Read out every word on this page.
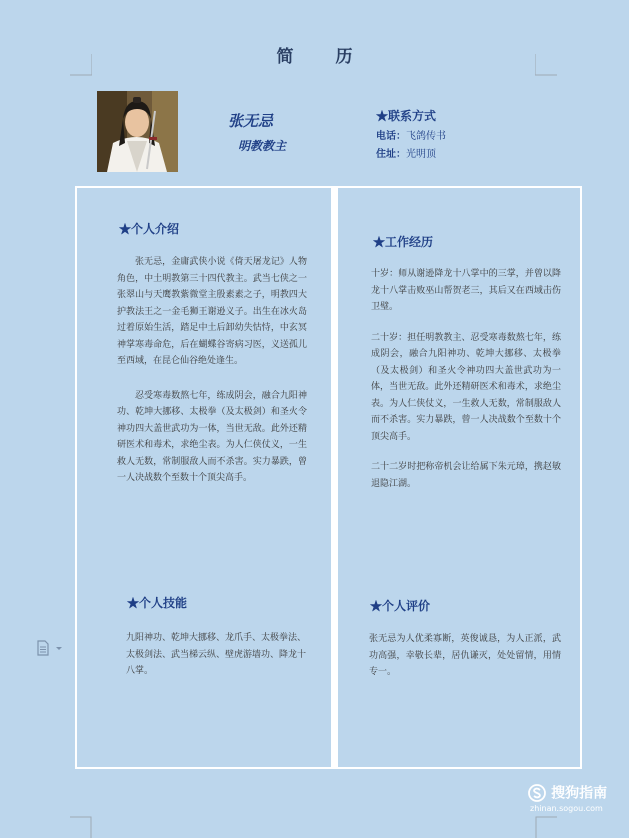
简 历
张无忌
明教教主
★联系方式
电话：飞鸽传书
住址：光明顶
★个人介绍

张无忌，金庸武侠小说《倚天屠龙记》人物角色，中土明教第三十四代教主。武当七侠之一张翠山与天鹰教紫微堂主殷素素之子，明教四大护教法王之一金毛狮王谢逊义子。出生在冰火岛过着原始生活，踏足中土后卸幼失怙恃，中玄冥神掌寒毒命危，后在蝴蝶谷寄病习医，义送孤儿至西域，在昆仑仙谷绝处逢生。

忍受寒毒数熬七年，练成阴会，融合九阳神功、乾坤大挪移、太极拳（及太极剑）和圣火令神功四大盖世武功为一体，当世无敌。此外还精研医术和毒术，求绝尘表。为人仁侠仗义，一生救人无数，常制服敌人而不杀害。实力暴跌，曾一人决战数个至数十个顶尖高手。

★个人技能
九阳神功、乾坤大挪移、龙爪手、太极拳法、太极剑法、武当梯云纵、壁虎游墙功、降龙十八掌。
★工作经历

十岁：师从谢逊降龙十八掌中的三掌，并曾以降龙十八掌击败巫山帮贺老三，其后又在西域击伤卫璧。

二十岁：担任明教教主、忍受寒毒数熬七年，练成阴会，融合九阳神功、乾坤大挪移、太极拳（及太极剑）和圣火令神功四大盖世武功为一体，当世无敌。此外还精研医术和毒术，求绝尘表。为人仁侠仗义，一生救人无数，常制服敌人而不杀害。实力暴跌，曾一人决战数个至数十个顶尖高手。

二十二岁时把称帝机会让给属下朱元璋，携赵敏退隐江湖。

★个人评价
张无忌为人优柔寡断，英俊诚恳，为人正派，武功高强，幸敬长辈，居仇谦灭，处处留情，用情专一。
搜狗指南
zhinan.sogou.com
